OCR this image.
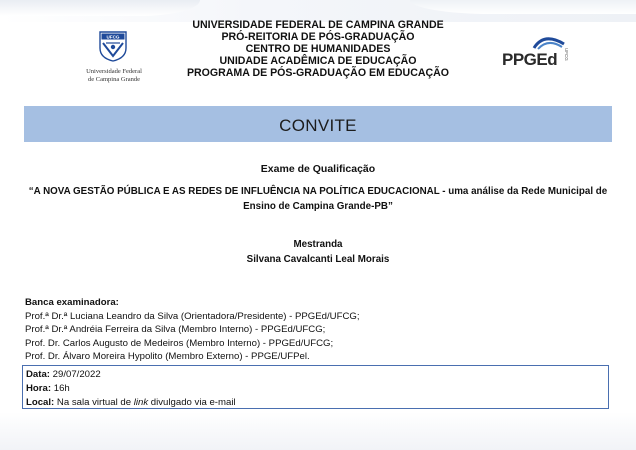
UFCG
Universidade Federal
de Campina Grande
UNIVERSIDADE FEDERAL DE CAMPINA GRANDE
PRÓ-REITORIA DE PÓS-GRADUAÇÃO
CENTRO DE HUMANIDADES
UNIDADE ACADÊMICA DE EDUCAÇÃO
PROGRAMA DE PÓS-GRADUAÇÃO EM EDUCAÇÃO
PPGEd UFCG
CONVITE
Exame de Qualificação
“A NOVA GESTÃO PÚBLICA E AS REDES DE INFLUÊNCIA NA POLÍTICA EDUCACIONAL - uma análise da Rede Municipal de Ensino de Campina Grande-PB”
Mestranda
Silvana Cavalcanti Leal Morais
Banca examinadora:
Prof.ª Dr.ª Luciana Leandro da Silva (Orientadora/Presidente) - PPGEd/UFCG;
Prof.ª Dr.ª Andréia Ferreira da Silva (Membro Interno) - PPGEd/UFCG;
Prof. Dr. Carlos Augusto de Medeiros (Membro Interno) - PPGEd/UFCG;
Prof. Dr. Álvaro Moreira Hypolito (Membro Externo) - PPGE/UFPel.
Data: 29/07/2022
Hora: 16h
Local: Na sala virtual de link divulgado via e-mail
